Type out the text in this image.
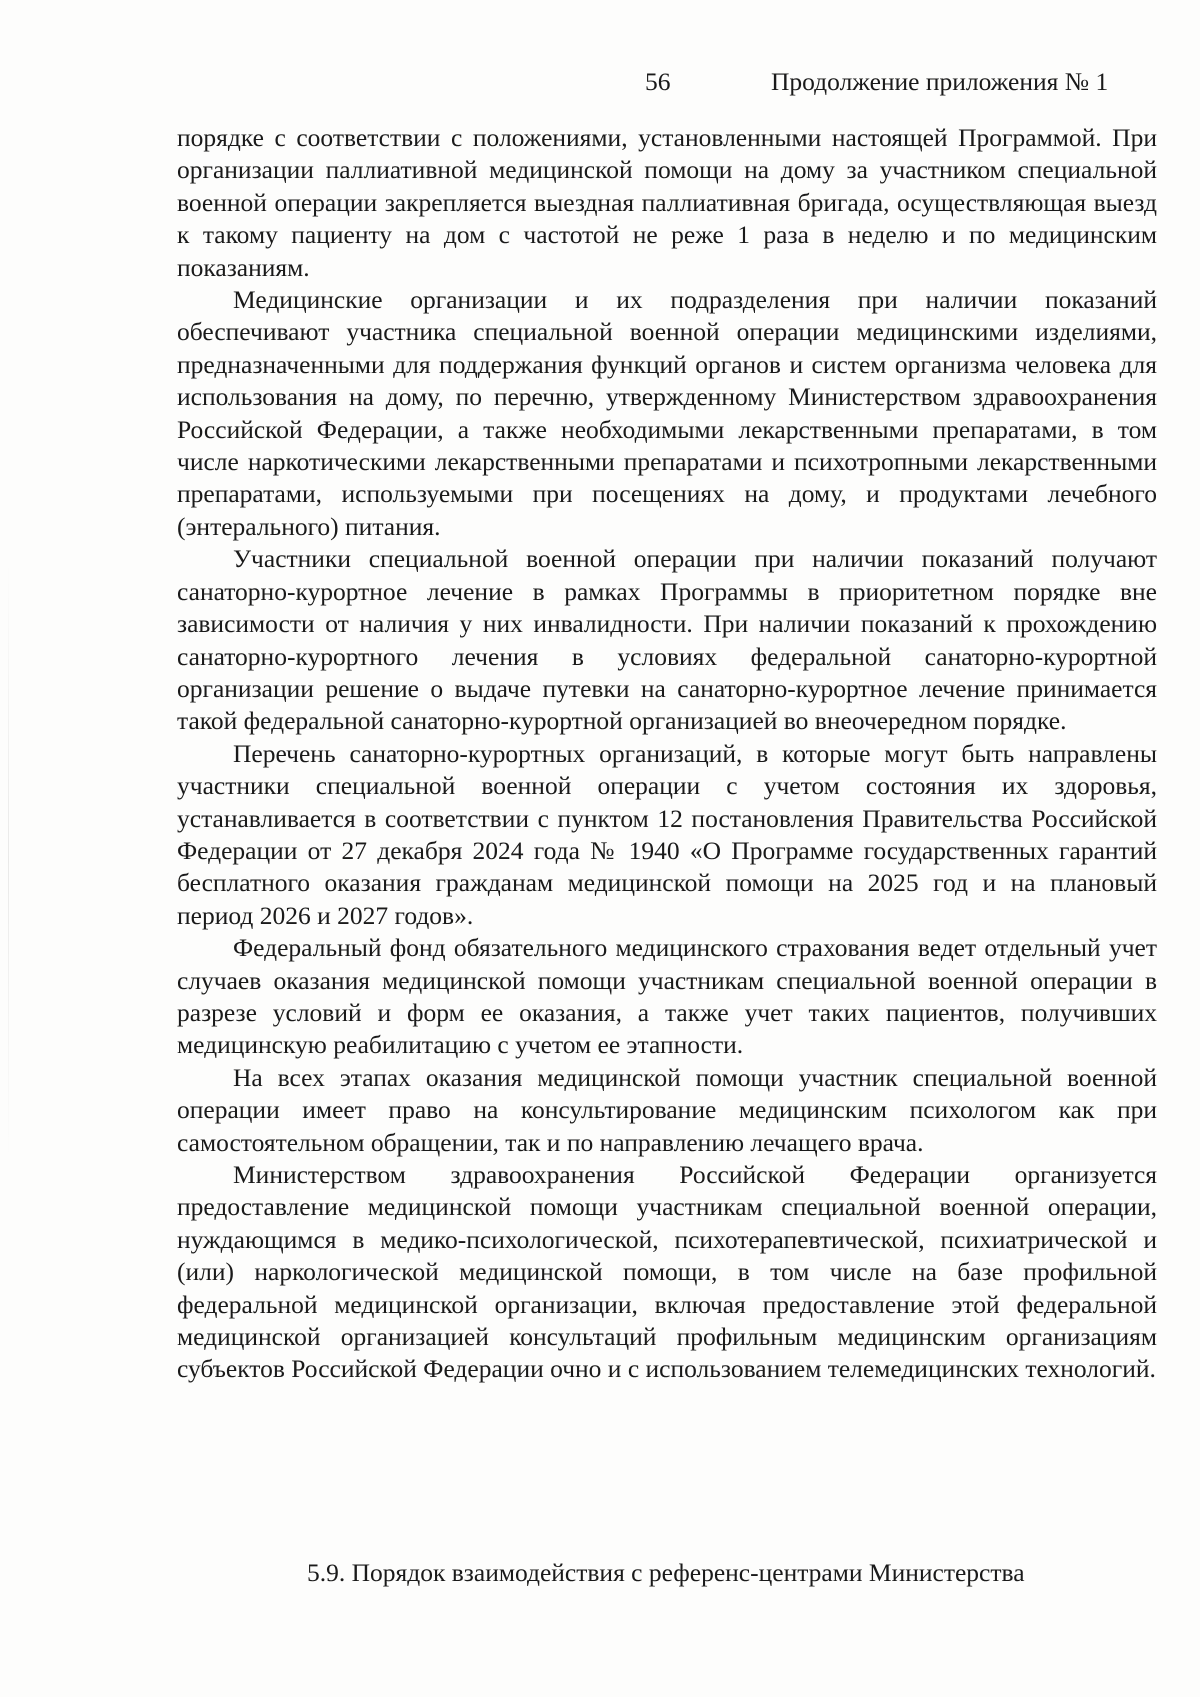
56	Продолжение приложения № 1

порядке с соответствии с положениями, установленными настоящей Программой. При организации паллиативной медицинской помощи на дому за участником специальной военной операции закрепляется выездная паллиативная бригада, осуществляющая выезд к такому пациенту на дом с частотой не реже 1 раза в неделю и по медицинским показаниям.

Медицинские организации и их подразделения при наличии показаний обеспечивают участника специальной военной операции медицинскими изделиями, предназначенными для поддержания функций органов и систем организма человека для использования на дому, по перечню, утвержденному Министерством здравоохранения Российской Федерации, а также необходимыми лекарственными препаратами, в том числе наркотическими лекарственными препаратами и психотропными лекарственными препаратами, используемыми при посещениях на дому, и продуктами лечебного (энтерального) питания.

Участники специальной военной операции при наличии показаний получают санаторно-курортное лечение в рамках Программы в приоритетном порядке вне зависимости от наличия у них инвалидности. При наличии показаний к прохождению санаторно-курортного лечения в условиях федеральной санаторно-курортной организации решение о выдаче путевки на санаторно-курортное лечение принимается такой федеральной санаторно-курортной организацией во внеочередном порядке.

Перечень санаторно-курортных организаций, в которые могут быть направлены участники специальной военной операции с учетом состояния их здоровья, устанавливается в соответствии с пунктом 12 постановления Правительства Российской Федерации от 27 декабря 2024 года № 1940 «О Программе государственных гарантий бесплатного оказания гражданам медицинской помощи на 2025 год и на плановый период 2026 и 2027 годов».

Федеральный фонд обязательного медицинского страхования ведет отдельный учет случаев оказания медицинской помощи участникам специальной военной операции в разрезе условий и форм ее оказания, а также учет таких пациентов, получивших медицинскую реабилитацию с учетом ее этапности.

На всех этапах оказания медицинской помощи участник специальной военной операции имеет право на консультирование медицинским психологом как при самостоятельном обращении, так и по направлению лечащего врача.

Министерством здравоохранения Российской Федерации организуется предоставление медицинской помощи участникам специальной военной операции, нуждающимся в медико-психологической, психотерапевтической, психиатрической и (или) наркологической медицинской помощи, в том числе на базе профильной федеральной медицинской организации, включая предоставление этой федеральной медицинской организацией консультаций профильным медицинским организациям субъектов Российской Федерации очно и с использованием телемедицинских технологий.

5.9. Порядок взаимодействия с референс-центрами Министерства
